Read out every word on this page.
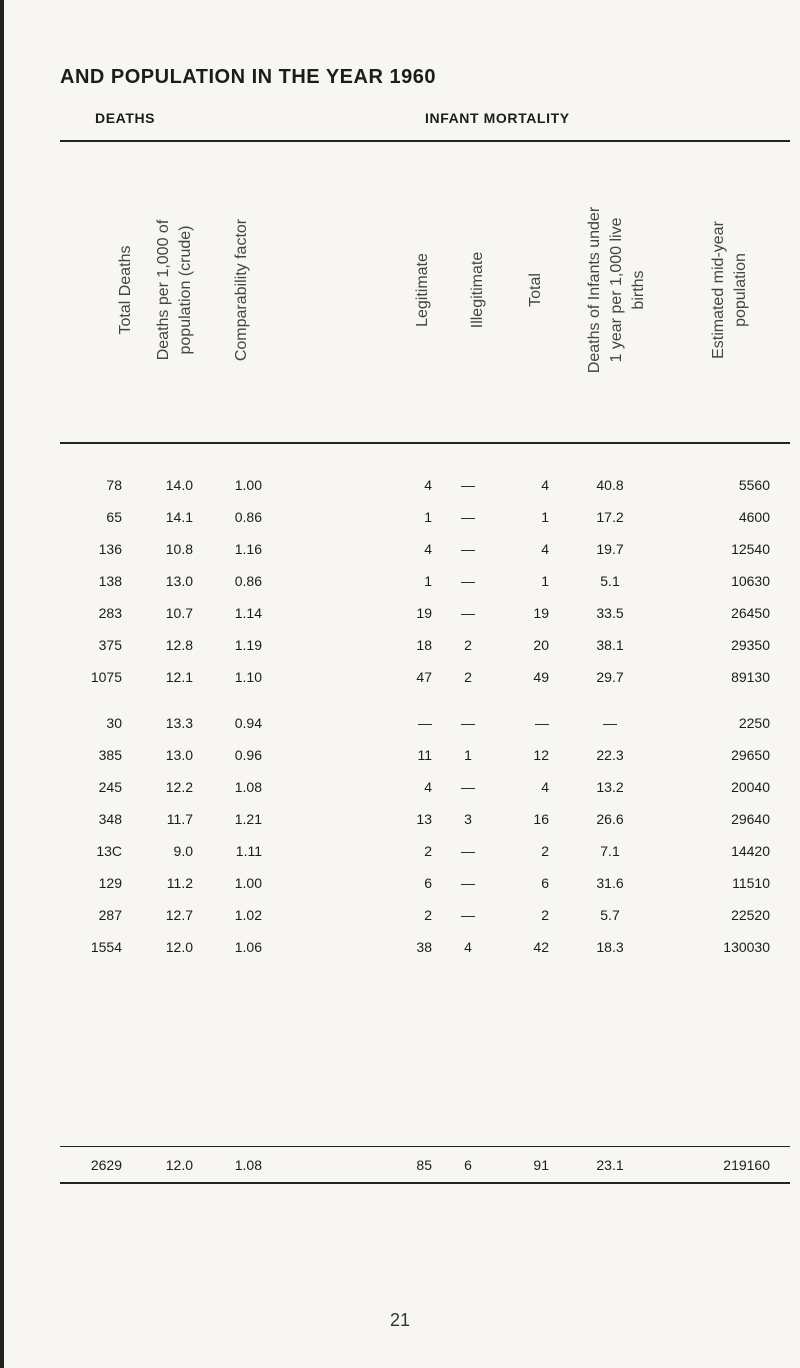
AND POPULATION IN THE YEAR 1960
DEATHS	INFANT MORTALITY
Total Deaths Deaths per 1,000 of population (crude) Comparability factor	Legitimate Illegitimate	Total	Deaths of Infants under 1 year per 1,000 live births	Estimated mid-year population
78	14.0	1.00	4	—	4	40.8	5560
65	14.1	0.86	1	—	1	17.2	4600
136	10.8	1.16	4	—	4	19.7	12540
138	13.0	0.86	1	—	1	5.1	10630
283	10.7	1.14	19	—	19	33.5	26450
375	12.8	1.19	18	2	20	38.1	29350
1075	12.1	1.10	47	2	49	29.7	89130
30	13.3	0.94	—	—	—	—	2250
385	13.0	0.96	11	1	12	22.3	29650
245	12.2	1.08	4	—	4	13.2	20040
348	11.7	1.21	13	3	16	26.6	29640
13C	9.0	1.11	2	—	2	7.1	14420
129	11.2	1.00	6	—	6	31.6	11510
287	12.7	1.02	2	—	2	5.7	22520
1554	12.0	1.06	38	4	42	18.3	130030
2629	12.0	1.08	85	6	91	23.1	219160
21
